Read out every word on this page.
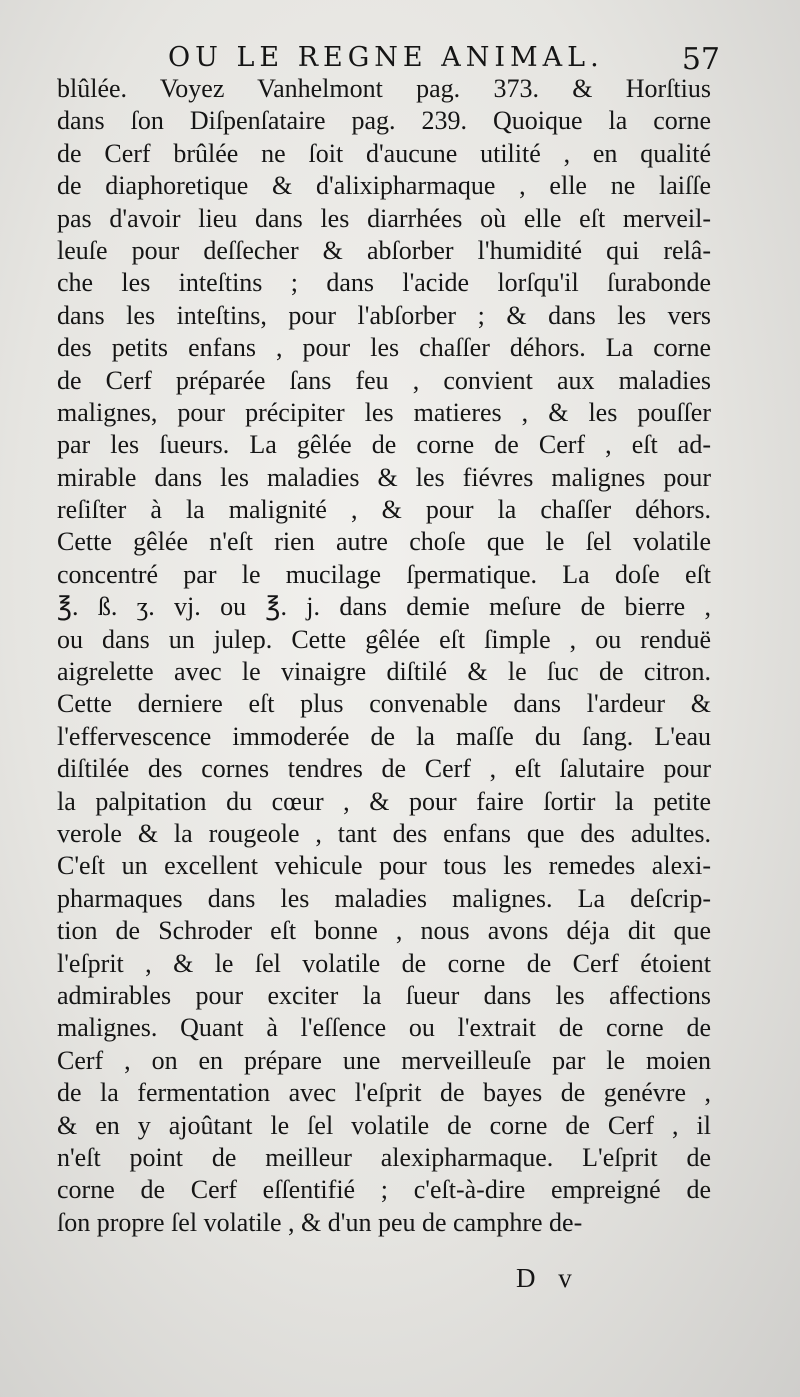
OU LE REGNE ANIMAL.	57
blûlée. Voyez Vanhelmont pag. 373. & Horſtius
dans ſon Diſpenſataire pag. 239. Quoique la corne
de Cerf brûlée ne ſoit d'aucune utilité , en qualité
de diaphoretique & d'alixipharmaque , elle ne laiſſe
pas d'avoir lieu dans les diarrhées où elle eſt merveil-
leuſe pour deſſecher & abſorber l'humidité qui relâ-
che les inteſtins ; dans l'acide lorſqu'il ſurabonde
dans les inteſtins, pour l'abſorber ; & dans les vers
des petits enfans , pour les chaſſer déhors. La corne
de Cerf préparée ſans feu , convient aux maladies
malignes, pour précipiter les matieres , & les pouſſer
par les ſueurs. La gêlée de corne de Cerf , eſt ad-
mirable dans les maladies & les fiévres malignes pour
reſiſter à la malignité , & pour la chaſſer déhors.
Cette gêlée n'eſt rien autre choſe que le ſel volatile
concentré par le mucilage ſpermatique. La doſe eſt
℥. ß. ʒ. vj. ou ℥. j. dans demie meſure de bierre ,
ou dans un julep. Cette gêlée eſt ſimple , ou renduë
aigrelette avec le vinaigre diſtilé & le ſuc de citron.
Cette derniere eſt plus convenable dans l'ardeur &
l'effervescence immoderée de la maſſe du ſang. L'eau
diſtilée des cornes tendres de Cerf , eſt ſalutaire pour
la palpitation du cœur , & pour faire ſortir la petite
verole & la rougeole , tant des enfans que des adultes.
C'eſt un excellent vehicule pour tous les remedes alexi-
pharmaques dans les maladies malignes. La deſcrip-
tion de Schroder eſt bonne , nous avons déja dit que
l'eſprit , & le ſel volatile de corne de Cerf étoient
admirables pour exciter la ſueur dans les affections
malignes. Quant à l'eſſence ou l'extrait de corne de
Cerf , on en prépare une merveilleuſe par le moien
de la fermentation avec l'eſprit de bayes de genévre ,
& en y ajoûtant le ſel volatile de corne de Cerf , il
n'eſt point de meilleur alexipharmaque. L'eſprit de
corne de Cerf eſſentifié ; c'eſt-à-dire empreigné de
ſon propre ſel volatile , & d'un peu de camphre de-
D v
